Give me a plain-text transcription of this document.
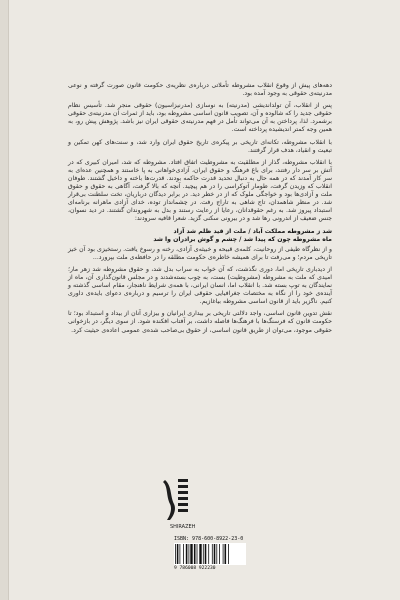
دهه‌های پیش از وقوع انقلاب مشروطه تأملاتی درباره‌ی نظریه‌ی حکومت قانون صورت گرفته و نوعی مدرنیته‌ی حقوقی به وجود آمده بود.

پس از انقلاب، آن تولد‌اندیشی (مدرنیته) به نوسازی (مدرنیزاسیون) حقوقی منجر شد. تأسیس نظام حقوقی جدید را که شالوده و آن، تصویب قانون اساسی مشروطه بود، باید از ثمرات آن مدرنیته‌ی حقوقی برشمرد. لذا، پرداختن به آن می‌تواند تأمل در فهم مدرنیته‌ی حقوقی ایران نیز باشد. پژوهش پیش رو، به همین وجه کمتر اندیشیده پرداخته است.

با انقلاب مشروطه، تکانه‌ای تاریخی بر پیکره‌ی تاریخ حقوق ایران وارد شد، و سنت‌های کهن تمکین و تبعیت و انقیاد، هدف قرار گرفتند.

با انقلاب مشروطه، گذار از مطلقیت به مشروطیت اتفاق افتاد. مشروطه که شد، امیران کبیری که در آتش بر سر دار رفتند، برای باغ فرهنگ و حقوق ایران، آزادی‌خواهانی به پا خاستند و همچنین عده‌ای به سر کار آمدند که در همه حال به دنبال تحدید قدرت حاکمه بودند. قدرت‌ها باخته و داخیل گشتند. طوفان انقلاب که وزیدن گرفت، طومار آتوکراسی را در هم پیچید. آنچه که بالا گرفت، آگاهی به حقوق و حقوق ملت و آزادی‌ها بود و خواجگی ملوک که از در خطر دید. در برابر دیدگان درباریان، تخت سلطنت بی‌قرار شد. در منظر شاهمدان، تاج شاهی به تاراج رفت. در چشمانداز توده، خدای آزادی ماهرانه برنامه‌ای استبداد پیروز شد. به رغم حقوقدانان، رعایا از رعایت رستند و بدل به شهروندان گشتند. در دید نسوان، جنس ضعیف از اندرونی رها شد و در بیرونی سکنی گزید. شعرا قافیه سرودند:

شد ز مشروطه مملکت آباد / ملت از قید ظلم شد آزاد

ماه مشروطه چون که پیدا شد / چشم و گوش برادران وا شد

و از نظرگاه طیفی از روحانیت، کلمه‌ی قبیحه و خبیثه‌ی آزادی، رخنه و رسوخ یافت. رستخیزی بود آن خیز تاریخی مردم؛ و می‌رفت تا برای همیشه خاطره‌ی حکومت مطلقه را در حافظه‌ی ملت بپرورد...

از دیدباری تاریخی اما، دوری نگذشت، که آن خواب به سراب بدل شد، و حقوق مشروطه شد زهر مار؛ امیدی که ملت به مشروطه (مشروطیت) بست، به چوب بسته‌شدند و در مجلس قانون‌گذاری آن، ماه از نمایندگان به توپ بسته شد. با انقلاب اما، انسان ایرانی، با همه‌ی شرایط ناهنجار، مقام اساسی گذشته و آینده‌ی خود را از نگاه به مختصات جغرافیایی حقوقی ایران را ترسیم و درباره‌ی دعوای بایده‌ی داوری کنیم. ناگزیر باید از قانون اساسی مشروطه بیاغازیم.

نقش تدوین قانون اساسی، واجد دلالتی تاریخی بر بیداری ایرانیان و بیزاری آنان از بیداد و استبداد بود؛ تا حکومت قانون که فرسنگ‌ها با فرهنگ‌ها فاصله داشت، بر آفتاب افکنده شود. از سوی دیگر، در بازخوانی حقوقی موجود، می‌توان از طریق قانون اساسی، از حقوق بی‌صاحب شده‌ی عمومی اعاده‌ی حیثیت کرد.

SHIRAZEH
ISBN: 978-600-8922-23-0
9 786008 922230
